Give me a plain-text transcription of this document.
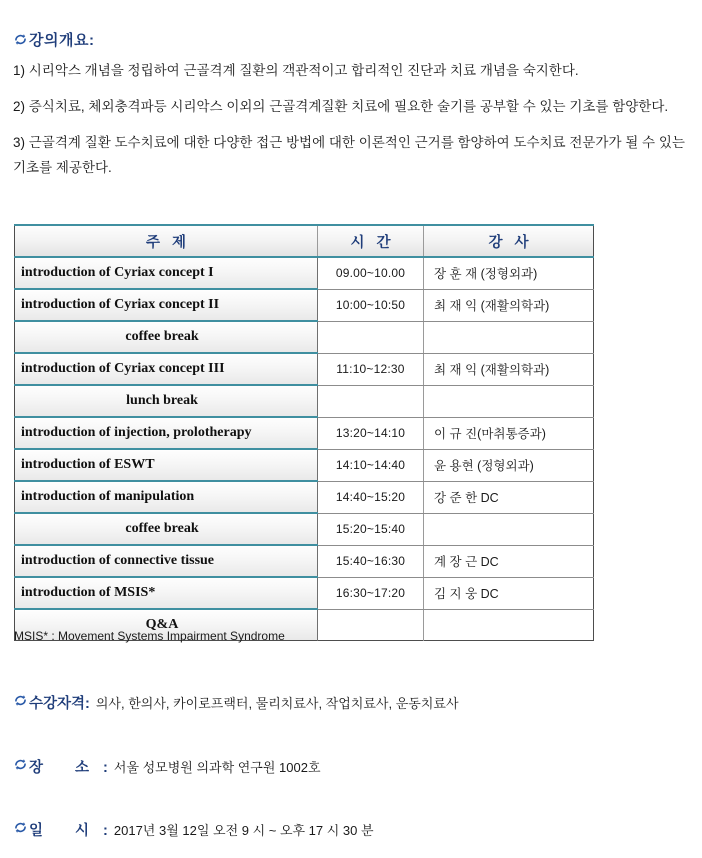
강의개요:
1) 시리악스 개념을 정립하여 근골격계 질환의 객관적이고 합리적인 진단과 치료 개념을 숙지한다.
2) 증식치료, 체외충격파등 시리악스 이외의 근골격계질환 치료에 필요한 술기를 공부할 수 있는 기초를 함양한다.
3) 근골격계 질환 도수치료에 대한 다양한 접근 방법에 대한 이론적인 근거를 함양하여 도수치료 전문가가 될 수 있는 기초를 제공한다.
주 제	시 간	강 사
introduction of Cyriax concept I	09.00~10.00	장 훈 재 (정형외과)
introduction of Cyriax concept II	10:00~10:50	최 재 익 (재활의학과)
coffee break		
introduction of Cyriax concept III	11:10~12:30	최 재 익 (재활의학과)
lunch break		
introduction of injection, prolotherapy	13:20~14:10	이 규 진(마취통증과)
introduction of ESWT	14:10~14:40	윤 용현 (정형외과)
introduction of manipulation	14:40~15:20	강 준 한 DC
coffee break	15:20~15:40	
introduction of connective tissue	15:40~16:30	계 장 근 DC
introduction of MSIS*	16:30~17:20	김 지 웅 DC
Q&A		
MSIS* : Movement Systems Impairment Syndrome
수강자격 : 의사, 한의사, 카이로프랙터, 물리치료사, 작업치료사, 운동치료사
장 소 : 서울 성모병원 의과학 연구원 1002호
일 시 : 2017년 3월 12일 오전 9 시 ~ 오후 17 시 30 분
